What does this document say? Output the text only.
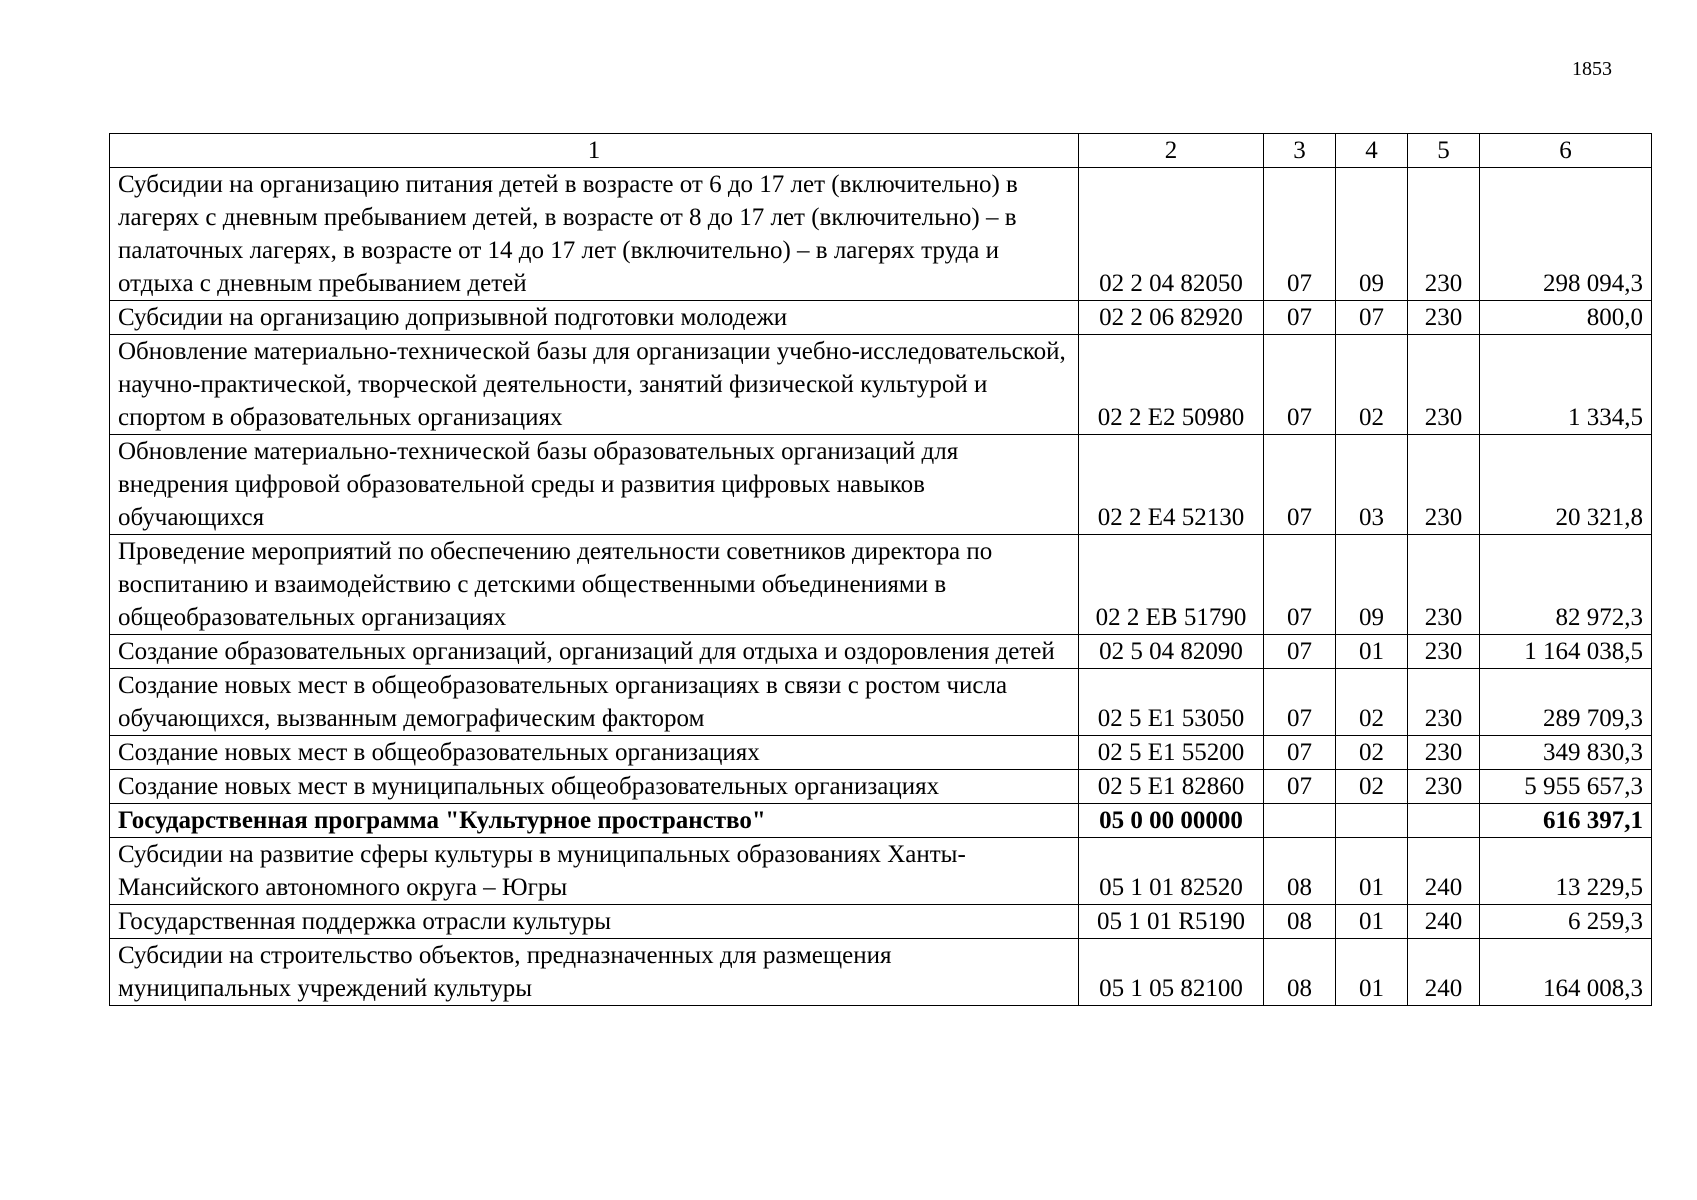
1853
1	2	3	4	5	6
Субсидии на организацию питания детей в возрасте от 6 до 17 лет (включительно) в лагерях с дневным пребыванием детей, в возрасте от 8 до 17 лет (включительно) – в палаточных лагерях, в возрасте от 14 до 17 лет (включительно) – в лагерях труда и отдыха с дневным пребыванием детей	02 2 04 82050	07	09	230	298 094,3
Субсидии на организацию допризывной подготовки молодежи	02 2 06 82920	07	07	230	800,0
Обновление материально-технической базы для организации учебно-исследовательской, научно-практической, творческой деятельности, занятий физической культурой и спортом в образовательных организациях	02 2 Е2 50980	07	02	230	1 334,5
Обновление материально-технической базы образовательных организаций для внедрения цифровой образовательной среды и развития цифровых навыков обучающихся	02 2 Е4 52130	07	03	230	20 321,8
Проведение мероприятий по обеспечению деятельности советников директора по воспитанию и взаимодействию с детскими общественными объединениями в общеобразовательных организациях	02 2 ЕВ 51790	07	09	230	82 972,3
Создание образовательных организаций, организаций для отдыха и оздоровления детей	02 5 04 82090	07	01	230	1 164 038,5
Создание новых мест в общеобразовательных организациях в связи с ростом числа обучающихся, вызванным демографическим фактором	02 5 Е1 53050	07	02	230	289 709,3
Создание новых мест в общеобразовательных организациях	02 5 Е1 55200	07	02	230	349 830,3
Создание новых мест в муниципальных общеобразовательных организациях	02 5 Е1 82860	07	02	230	5 955 657,3
Государственная программа "Культурное пространство"	05 0 00 00000				616 397,1
Субсидии на развитие сферы культуры в муниципальных образованиях Ханты-Мансийского автономного округа – Югры	05 1 01 82520	08	01	240	13 229,5
Государственная поддержка отрасли культуры	05 1 01 R5190	08	01	240	6 259,3
Субсидии на строительство объектов, предназначенных для размещения муниципальных учреждений культуры	05 1 05 82100	08	01	240	164 008,3
